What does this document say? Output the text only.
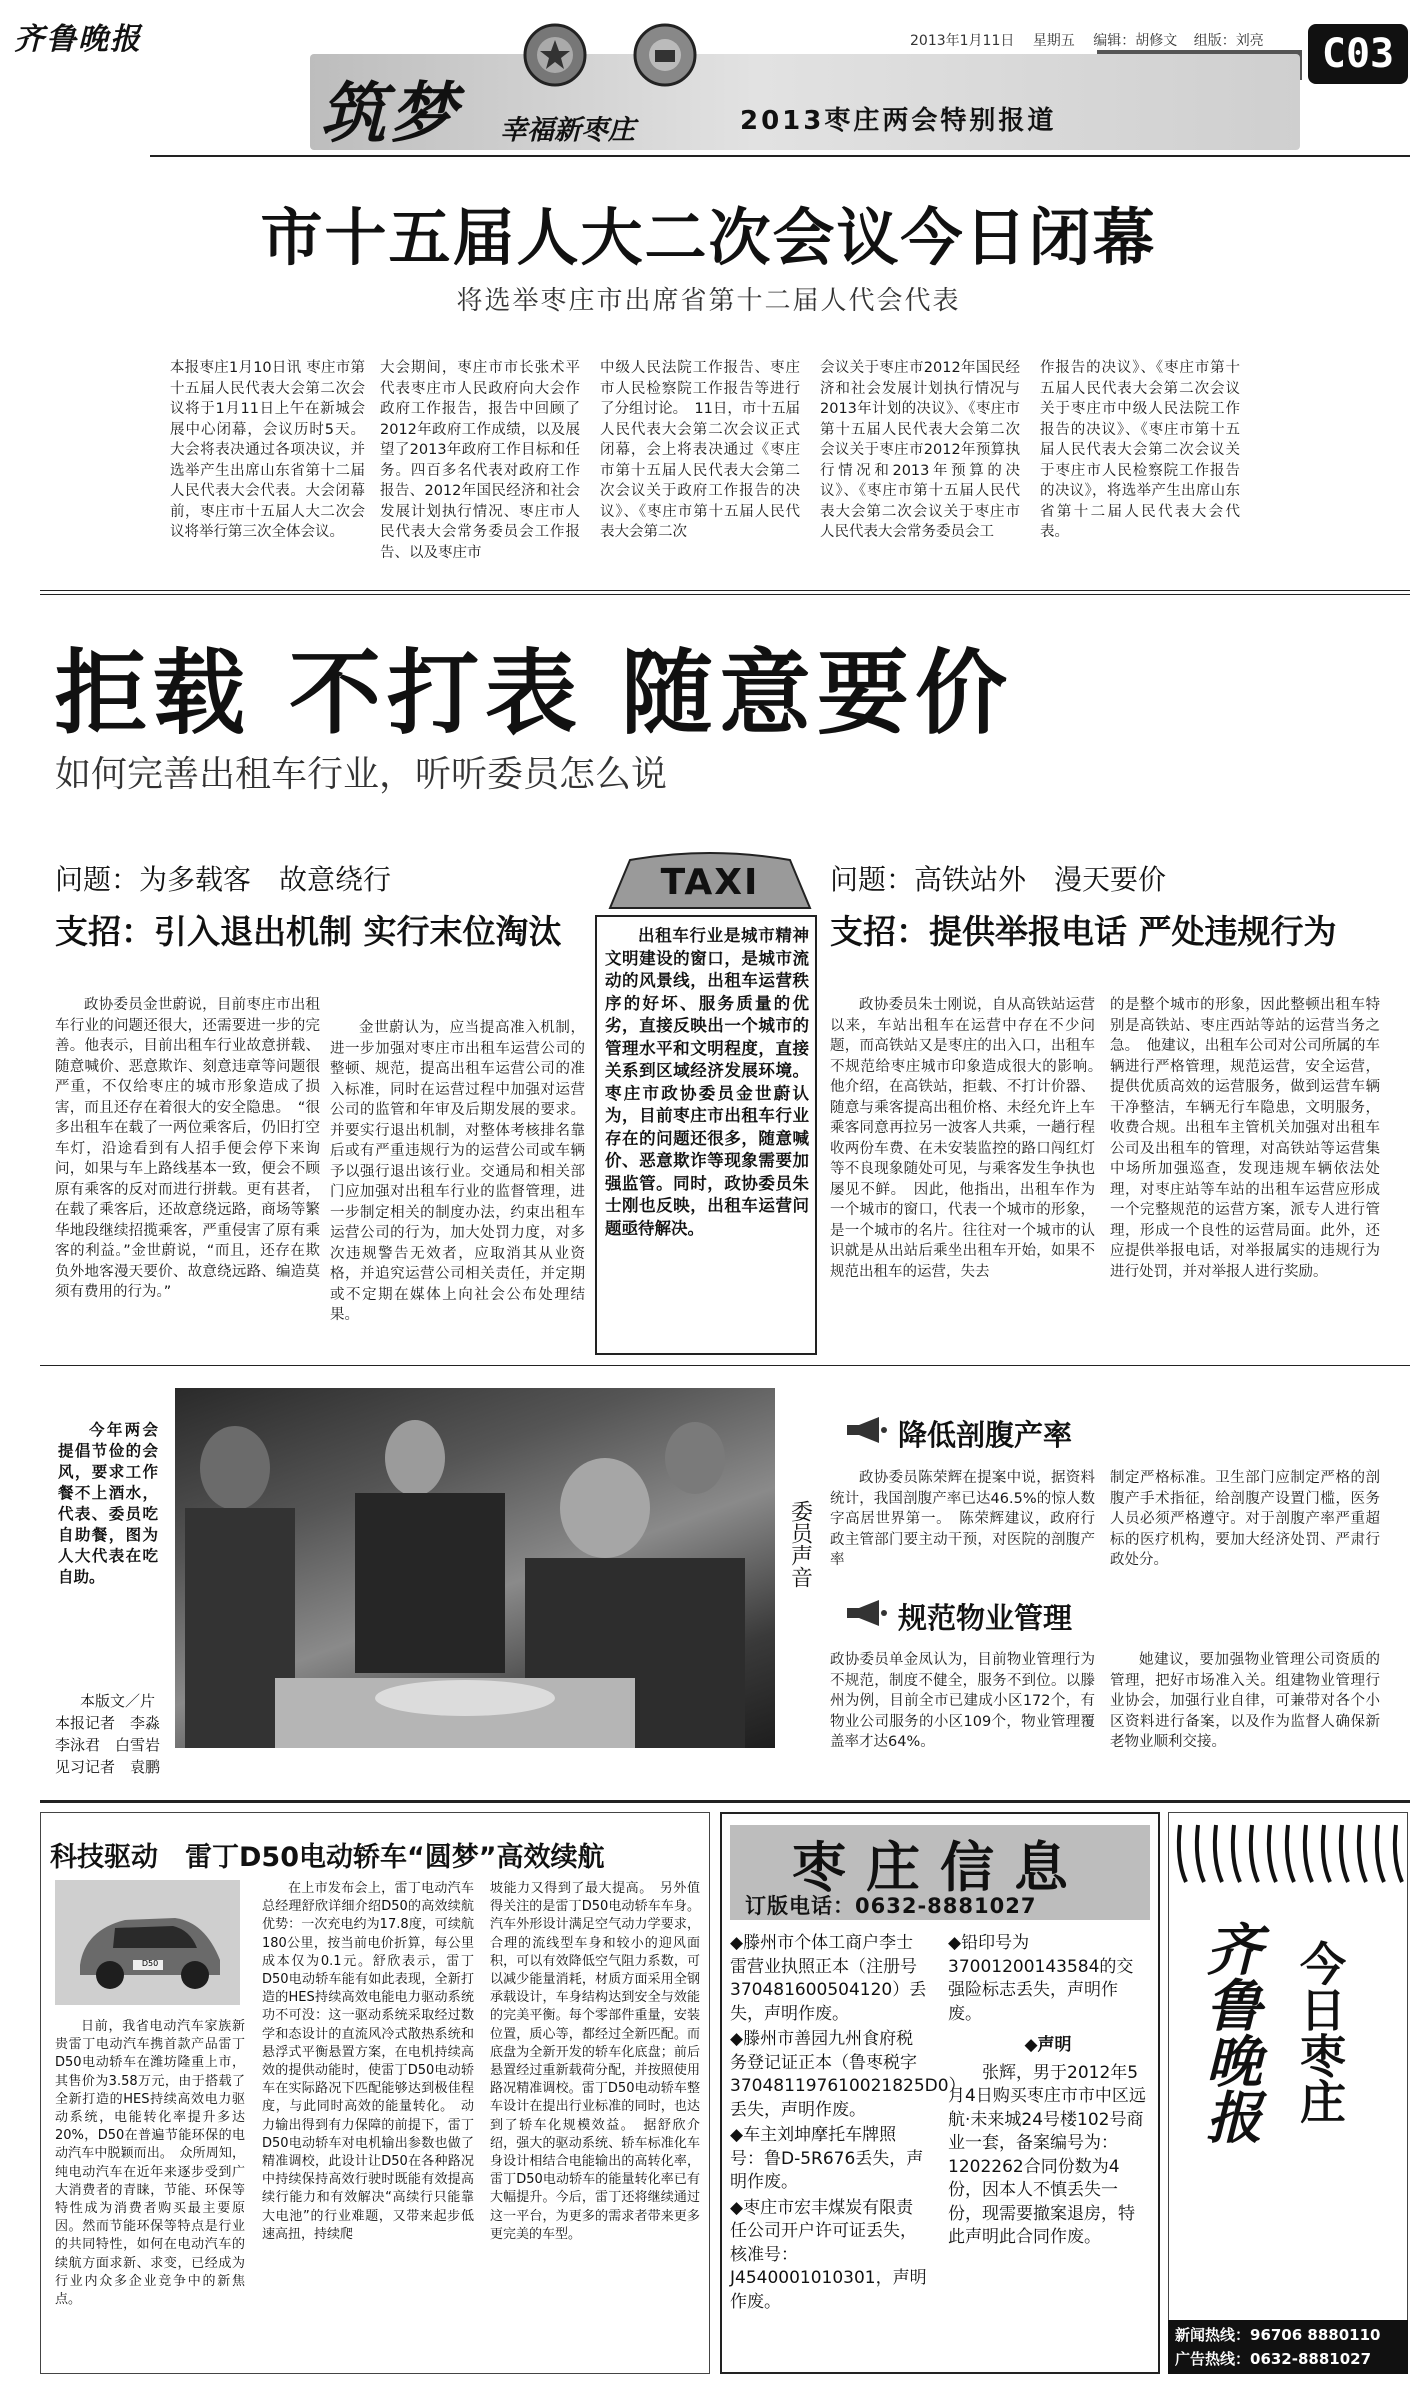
齐鲁晚报	2013年1月11日 星期五 编辑：胡修文 组版：刘亮	C03
筑梦 幸福新枣庄	2013枣庄两会特别报道
市十五届人大二次会议今日闭幕
将选举枣庄市出席省第十二届人代会代表
本报枣庄1月10日讯 枣庄市第十五届人民代表大会第二次会议将于1月11日上午在新城会展中心闭幕，会议历时5天。大会将表决通过各项决议，并选举产生出席山东省第十二届人民代表大会代表。大会闭幕前，枣庄市十五届人大二次会议将举行第三次全体会议。
大会期间，枣庄市市长张术平代表枣庄市人民政府向大会作政府工作报告，报告中回顾了2012年政府工作成绩，以及展望了2013年政府工作目标和任务。四百多名代表对政府工作报告、2012年国民经济和社会发展计划执行情况、枣庄市人民代表大会常务委员会工作报告、以及枣庄市
中级人民法院工作报告、枣庄市人民检察院工作报告等进行了分组讨论。　11日，市十五届人民代表大会第二次会议正式闭幕，会上将表决通过《枣庄市第十五届人民代表大会第二次会议关于政府工作报告的决议》、《枣庄市第十五届人民代表大会第二次
会议关于枣庄市2012年国民经济和社会发展计划执行情况与2013年计划的决议》、《枣庄市第十五届人民代表大会第二次会议关于枣庄市2012年预算执行情况和2013年预算的决议》、《枣庄市第十五届人民代表大会第二次会议关于枣庄市人民代表大会常务委员会工
作报告的决议》、《枣庄市第十五届人民代表大会第二次会议关于枣庄市中级人民法院工作报告的决议》、《枣庄市第十五届人民代表大会第二次会议关于枣庄市人民检察院工作报告的决议》，将选举产生出席山东省第十二届人民代表大会代表。
拒载 不打表 随意要价
如何完善出租车行业，听听委员怎么说
问题：为多载客　故意绕行
支招：引入退出机制 实行末位淘汰
问题：高铁站外　漫天要价
支招：提供举报电话 严处违规行为
TAXI
出租车行业是城市精神文明建设的窗口，是城市流动的风景线，出租车运营秩序的好坏、服务质量的优劣，直接反映出一个城市的管理水平和文明程度，直接关系到区域经济发展环境。枣庄市政协委员金世蔚认为，目前枣庄市出租车行业存在的问题还很多，随意喊价、恶意欺诈等现象需要加强监管。同时，政协委员朱士刚也反映，出租车运营问题亟待解决。
政协委员金世蔚说，目前枣庄市出租车行业的问题还很大，还需要进一步的完善。他表示，目前出租车行业故意拼载、随意喊价、恶意欺诈、刻意违章等问题很严重，不仅给枣庄的城市形象造成了损害，而且还存在着很大的安全隐患。　“很多出租车在载了一两位乘客后，仍旧打空车灯，沿途看到有人招手便会停下来询问，如果与车上路线基本一致，便会不顾原有乘客的反对而进行拼载。更有甚者，在载了乘客后，还故意绕远路，商场等繁华地段继续招揽乘客，严重侵害了原有乘客的利益。”金世蔚说，“而且，还存在欺负外地客漫天要价、故意绕远路、编造莫须有费用的行为。”
金世蔚认为，应当提高准入机制，进一步加强对枣庄市出租车运营公司的整顿、规范，提高出租车运营公司的准入标准，同时在运营过程中加强对运营公司的监管和年审及后期发展的要求。并要实行退出机制，对整体考核排名靠后或有严重违规行为的运营公司或车辆予以强行退出该行业。交通局和相关部门应加强对出租车行业的监督管理，进一步制定相关的制度办法，约束出租车运营公司的行为，加大处罚力度，对多次违规警告无效者，应取消其从业资格，并追究运营公司相关责任，并定期或不定期在媒体上向社会公布处理结果。
政协委员朱士刚说，自从高铁站运营以来，车站出租车在运营中存在不少问题，而高铁站又是枣庄的出入口，出租车不规范给枣庄城市印象造成很大的影响。　他介绍，在高铁站，拒载、不打计价器、随意与乘客提高出租价格、未经允许上车乘客同意再拉另一波客人共乘，一趟行程收两份车费、在未安装监控的路口闯红灯等不良现象随处可见，与乘客发生争执也屡见不鲜。　因此，他指出，出租车作为一个城市的窗口，代表一个城市的形象，是一个城市的名片。往往对一个城市的认识就是从出站后乘坐出租车开始，如果不规范出租车的运营，失去
的是整个城市的形象，因此整顿出租车特别是高铁站、枣庄西站等站的运营当务之急。　他建议，出租车公司对公司所属的车辆进行严格管理，规范运营，安全运营，提供优质高效的运营服务，做到运营车辆干净整洁，车辆无行车隐患，文明服务，收费合规。出租车主管机关加强对出租车公司及出租车的管理，对高铁站等运营集中场所加强巡查，发现违规车辆依法处理，对枣庄站等车站的出租车运营应形成一个完整规范的运营方案，派专人进行管理，形成一个良性的运营局面。此外，还应提供举报电话，对举报属实的违规行为进行处罚，并对举报人进行奖励。
今年两会提倡节俭的会风，要求工作餐不上酒水，代表、委员吃自助餐，图为人大代表在吃自助。
本版文／片
本报记者　李淼
李泳君　白雪岩
见习记者　袁鹏
委员声音
降低剖腹产率
政协委员陈荣辉在提案中说，据资料统计，我国剖腹产率已达46.5%的惊人数字高居世界第一。　陈荣辉建议，政府行政主管部门要主动干预，对医院的剖腹产率
制定严格标准。卫生部门应制定严格的剖腹产手术指征，给剖腹产设置门槛，医务人员必须严格遵守。对于剖腹产率严重超标的医疗机构，要加大经济处罚、严肃行政处分。
规范物业管理
政协委员单金凤认为，目前物业管理行为不规范，制度不健全，服务不到位。以滕州为例，目前全市已建成小区172个，有物业公司服务的小区109个，物业管理覆盖率才达64%。
她建议，要加强物业管理公司资质的管理，把好市场准入关。组建物业管理行业协会，加强行业自律，可兼带对各个小区资料进行备案，以及作为监督人确保新老物业顺利交接。
科技驱动　雷丁D50电动轿车“圆梦”高效续航
D50
日前，我省电动汽车家族新贵雷丁电动汽车携首款产品雷丁D50电动轿车在潍坊隆重上市，其售价为3.58万元，由于搭载了全新打造的HES持续高效电力驱动系统，电能转化率提升多达20%，D50在普遍节能环保的电动汽车中脱颖而出。　众所周知，纯电动汽车在近年来逐步受到广大消费者的青睐，节能、环保等特性成为消费者购买最主要原因。然而节能环保等特点是行业的共同特性，如何在电动汽车的续航方面求新、求变，已经成为行业内众多企业竞争中的新焦点。
在上市发布会上，雷丁电动汽车总经理舒欣详细介绍D50的高效续航优势：一次充电约为17.8度，可续航180公里，按当前电价折算，每公里成本仅为0.1元。舒欣表示，雷丁D50电动轿车能有如此表现，全新打造的HES持续高效电能电力驱动系统功不可没：这一驱动系统采取经过数学和态设计的直流风冷式散热系统和悬浮式平衡悬置方案，在电机持续高效的提供动能时，使雷丁D50电动轿车在实际路况下匹配能够达到极佳程度，与此同时高效的能量转化。　动力输出得到有力保障的前提下，雷丁D50电动轿车对电机输出参数也做了精准调校，此设计让D50在各种路况中持续保持高效行驶时既能有效提高续行能力和有效解决“高续行只能靠大电池”的行业难题，又带来起步低速高扭，持续爬
坡能力又得到了最大提高。　另外值得关注的是雷丁D50电动轿车车身。汽车外形设计满足空气动力学要求，合理的流线型车身和较小的迎风面积，可以有效降低空气阻力系数，可以减少能量消耗，材质方面采用全钢承载设计，车身结构达到安全与效能的完美平衡。每个零部件重量，安装位置，质心等，都经过全新匹配。而底盘为全新开发的轿车化底盘；前后悬置经过重新载荷分配，并按照使用路况精准调校。雷丁D50电动轿车整车设计在提出行业标准的同时，也达到了轿车化规模效益。　据舒欣介绍，强大的驱动系统、轿车标准化车身设计相结合电能输出的高转化率，雷丁D50电动轿车的能量转化率已有大幅提升。今后，雷丁还将继续通过这一平台，为更多的需求者带来更多更完美的车型。
枣庄信息
订版电话：0632-8881027

◆滕州市个体工商户李士雷营业执照正本（注册号370481600504120）丢失，声明作废。

◆滕州市善园九州食府税务登记证正本（鲁枣税字370481197610021825D0）丢失，声明作废。

◆车主刘坤摩托车牌照号：鲁D-5R676丢失，声明作废。

◆枣庄市宏丰煤炭有限责任公司开户许可证丢失，核准号：J4540001010301，声明作废。

◆铅印号为37001200143584的交强险标志丢失，声明作废。

◆声明

张辉，男于2012年5月4日购买枣庄市市中区远航·未来城24号楼102号商业一套，备案编号为：1202262合同份数为4份，因本人不慎丢失一份，现需要撤案退房，特此声明此合同作废。

齐鲁晚报 今日枣庄
新闻热线：96706 8880110
广告热线：0632-8881027
